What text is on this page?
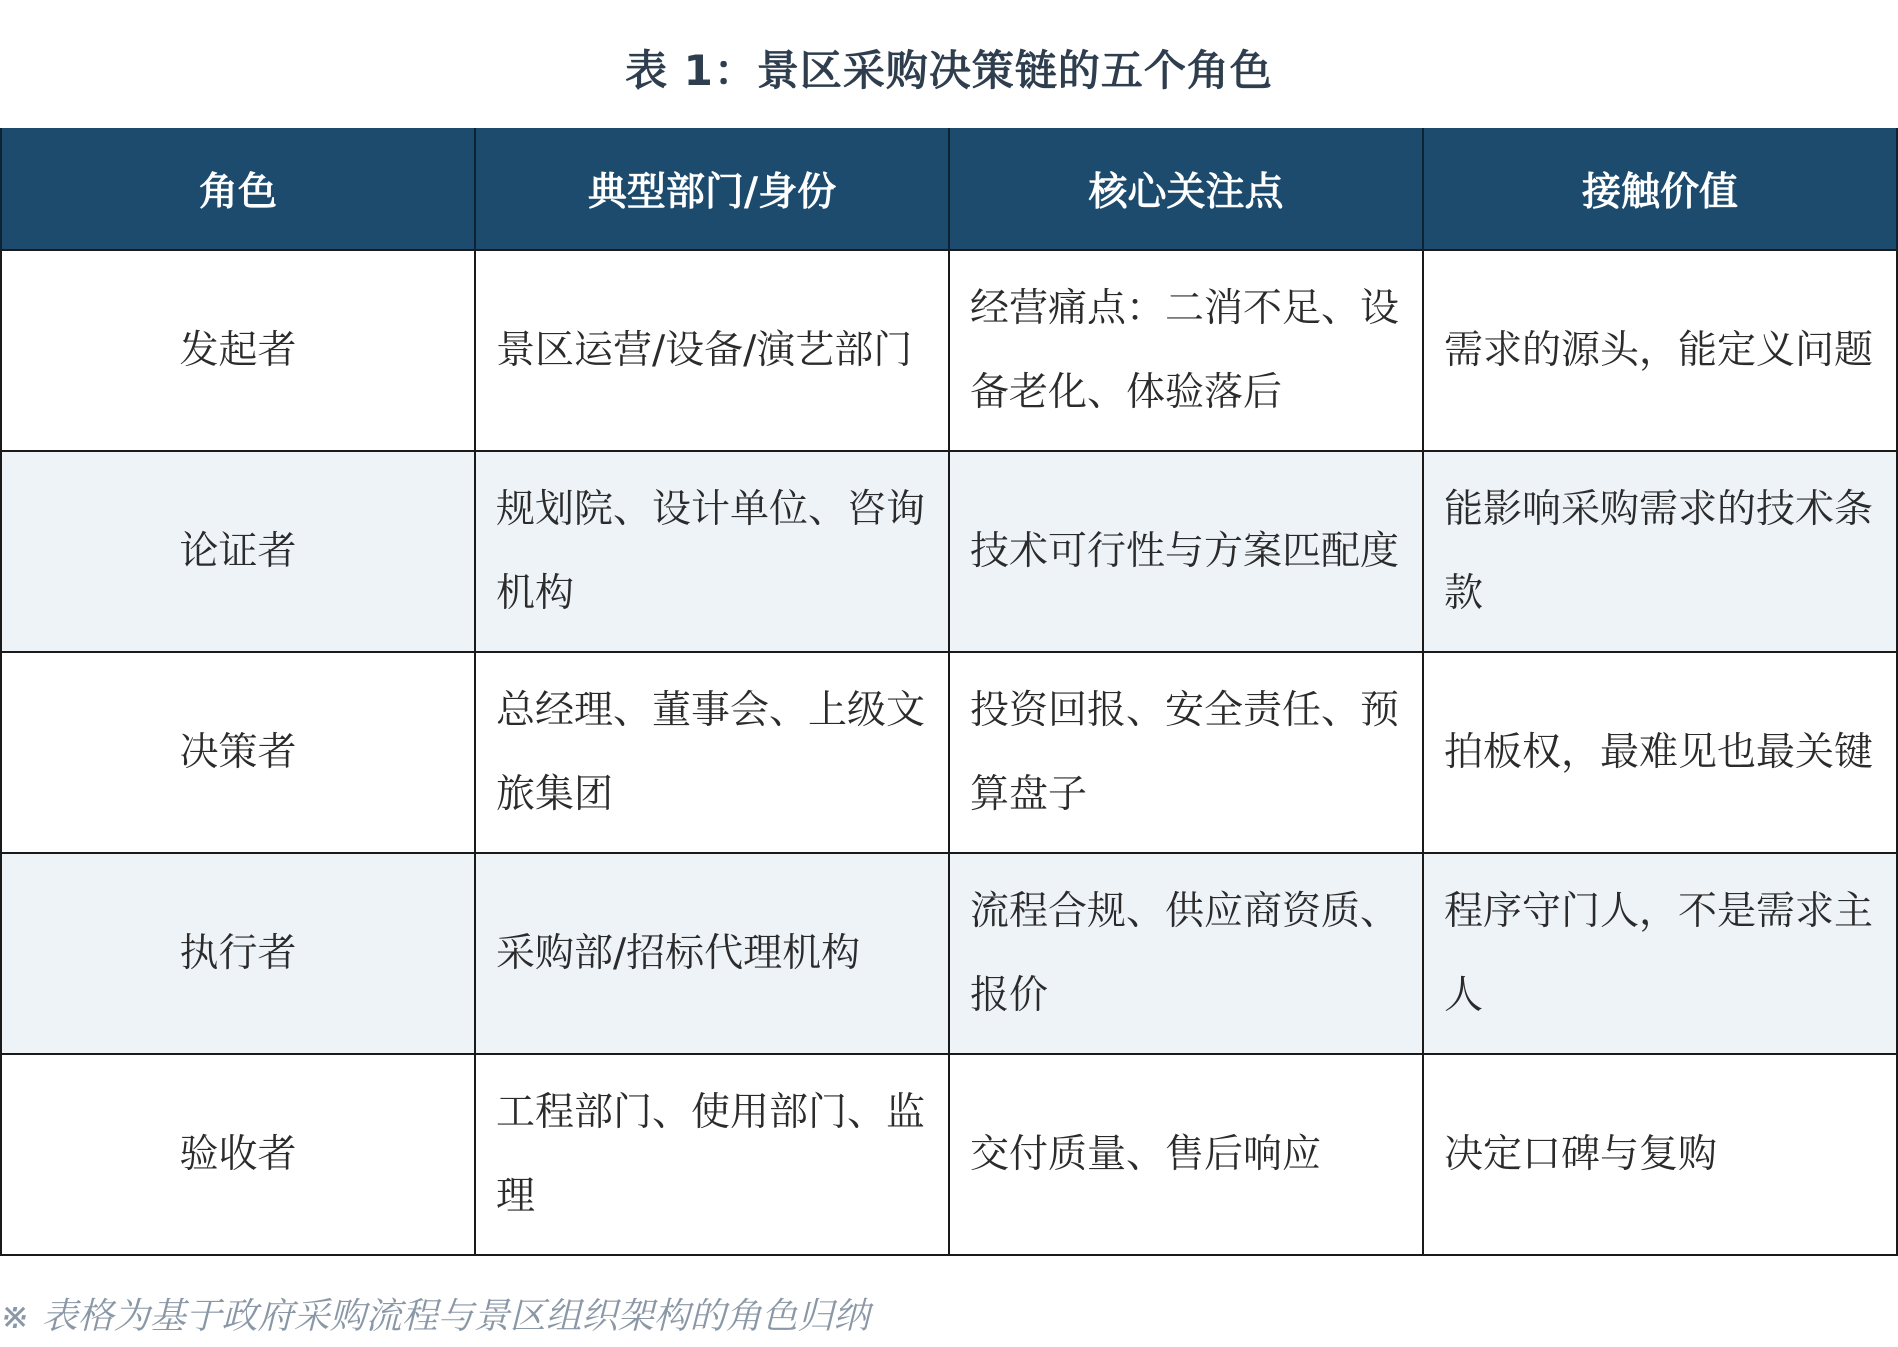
表 1：景区采购决策链的五个角色
角色	典型部门/身份	核心关注点	接触价值
发起者	景区运营/设备/演艺部门	经营痛点：二消不足、设备老化、体验落后	需求的源头，能定义问题
论证者	规划院、设计单位、咨询机构	技术可行性与方案匹配度	能影响采购需求的技术条款
决策者	总经理、董事会、上级文旅集团	投资回报、安全责任、预算盘子	拍板权，最难见也最关键
执行者	采购部/招标代理机构	流程合规、供应商资质、报价	程序守门人，不是需求主人
验收者	工程部门、使用部门、监理	交付质量、售后响应	决定口碑与复购
※ 表格为基于政府采购流程与景区组织架构的角色归纳
